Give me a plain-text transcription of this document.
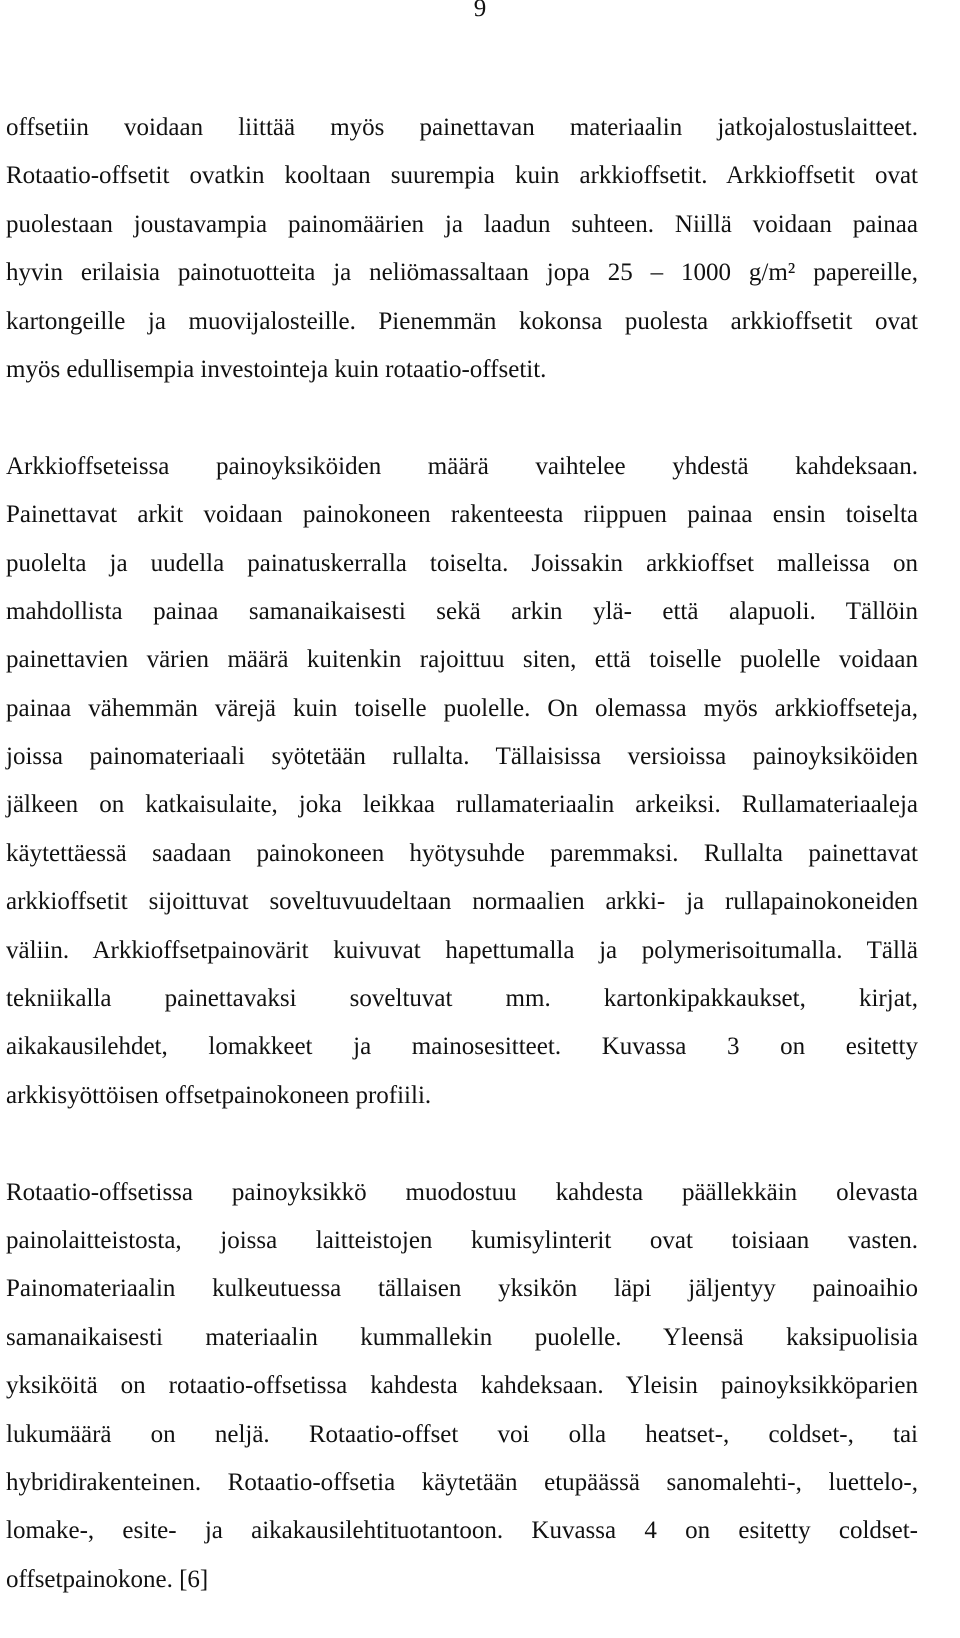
9
offsetiin voidaan liittää myös painettavan materiaalin jatkojalostuslaitteet.
Rotaatio-offsetit ovatkin kooltaan suurempia kuin arkkioffsetit. Arkkioffsetit ovat
puolestaan joustavampia painomäärien ja laadun suhteen. Niillä voidaan painaa
hyvin erilaisia painotuotteita ja neliömassaltaan jopa 25 – 1000 g/m² papereille,
kartongeille ja muovijalosteille. Pienemmän kokonsa puolesta arkkioffsetit ovat
myös edullisempia investointeja kuin rotaatio-offsetit.
Arkkioffseteissa painoyksiköiden määrä vaihtelee yhdestä kahdeksaan.
Painettavat arkit voidaan painokoneen rakenteesta riippuen painaa ensin toiselta
puolelta ja uudella painatuskerralla toiselta. Joissakin arkkioffset malleissa on
mahdollista painaa samanaikaisesti sekä arkin ylä- että alapuoli. Tällöin
painettavien värien määrä kuitenkin rajoittuu siten, että toiselle puolelle voidaan
painaa vähemmän värejä kuin toiselle puolelle. On olemassa myös arkkioffseteja,
joissa painomateriaali syötetään rullalta. Tällaisissa versioissa painoyksiköiden
jälkeen on katkaisulaite, joka leikkaa rullamateriaalin arkeiksi. Rullamateriaaleja
käytettäessä saadaan painokoneen hyötysuhde paremmaksi. Rullalta painettavat
arkkioffsetit sijoittuvat soveltuvuudeltaan normaalien arkki- ja rullapainokoneiden
väliin. Arkkioffsetpainovärit kuivuvat hapettumalla ja polymerisoitumalla. Tällä
tekniikalla painettavaksi soveltuvat mm. kartonkipakkaukset, kirjat,
aikakausilehdet, lomakkeet ja mainosesitteet. Kuvassa 3 on esitetty
arkkisyöttöisen offsetpainokoneen profiili.
Rotaatio-offsetissa painoyksikkö muodostuu kahdesta päällekkäin olevasta
painolaitteistosta, joissa laitteistojen kumisylinterit ovat toisiaan vasten.
Painomateriaalin kulkeutuessa tällaisen yksikön läpi jäljentyy painoaihio
samanaikaisesti materiaalin kummallekin puolelle. Yleensä kaksipuolisia
yksiköitä on rotaatio-offsetissa kahdesta kahdeksaan. Yleisin painoyksikköparien
lukumäärä on neljä. Rotaatio-offset voi olla heatset-, coldset-, tai
hybridirakenteinen. Rotaatio-offsetia käytetään etupäässä sanomalehti-, luettelo-,
lomake-, esite- ja aikakausilehtituotantoon. Kuvassa 4 on esitetty coldset-
offsetpainokone. [6]
